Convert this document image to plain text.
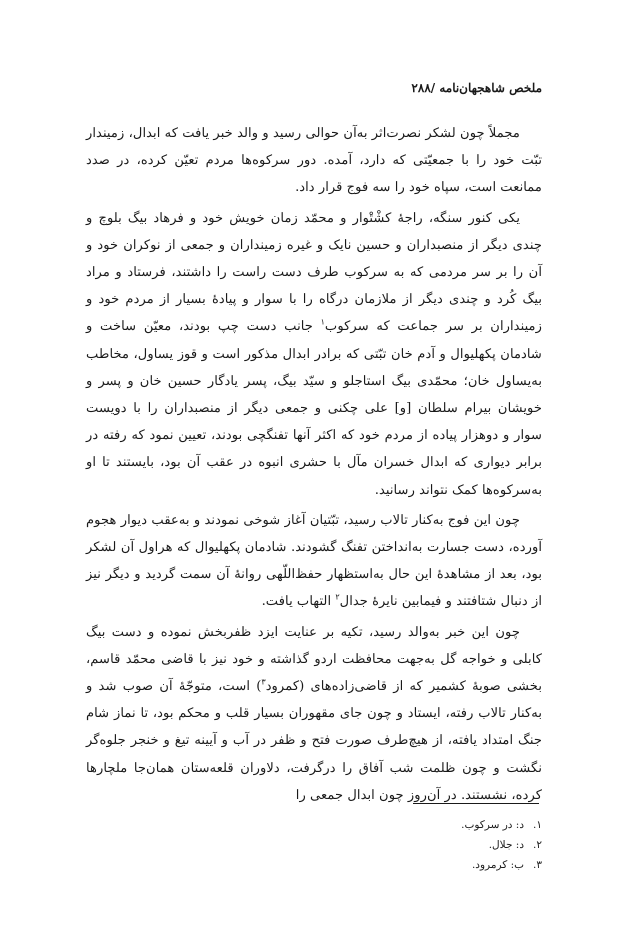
ملخص شاهجهان‌نامه /۲۸۸

مجملاً چون لشکر نصرت‌اثر به‌آن حوالی رسید و والد خبر یافت که ابدال، زمیندار تبّت خود را با جمعیّتی که دارد، آمده. دور سرکوه‌ها مردم تعیّن کرده، در صدد ممانعت است، سپاه خود را سه فوج قرار داد.

یکی کنور سنگه، راجهٔ کشْتْوار و محمّد زمان خویش خود و فرهاد بیگ بلوچ و چندی دیگر از منصبداران و حسین نایک و غیره زمینداران و جمعی از نوکران خود و آن را بر سر مردمی که به سرکوب طرف دست راست را داشتند، فرستاد و مراد بیگ کُرد و چندی دیگر از ملازمان درگاه را با سوار و پیادهٔ بسیار از مردم خود و زمینداران بر سر جماعت که سرکوب$^۱$ جانب دست چپ بودند، معیّن ساخت و شادمان پکهلیوال و آدم خان تبّتی که برادر ابدال مذکور است و قوز یساول، مخاطب به‌یساول خان؛ محمّدی بیگ استاجلو و سیّد بیگ، پسر یادگار حسین خان و پسر و خویشان بیرام سلطان [و] علی چکنی و جمعی دیگر از منصبداران را با دویست سوار و دوهزار پیاده از مردم خود که اکثر آنها تفنگچی بودند، تعیین نمود که رفته در برابر دیواری که ابدال خسران مآل با حشری انبوه در عقب آن بود، بایستند تا او به‌سرکوه‌ها کمک نتواند رسانید.

چون این فوج به‌کنار تالاب رسید، تبّتیان آغاز شوخی نمودند و به‌عقب دیوار هجوم آورده، دست جسارت به‌انداختن تفنگ گشودند. شادمان پکهلیوال که هراول آن لشکر بود، بعد از مشاهدهٔ این حال به‌استظهار حفظ‌اللّهی روانهٔ آن سمت گردید و دیگر نیز از دنبال شتافتند و فیمابین نایرهٔ جدال$^۲$ التهاب یافت.

چون این خبر به‌والد رسید، تکیه بر عنایت ایزد ظفربخش نموده و دست بیگ کابلی و خواجه گل به‌جهت محافظت اردو گذاشته و خود نیز با قاضی محمّد قاسم، بخشی صوبهٔ کشمیر که از قاضی‌زاده‌های (کمرود$^۳$) است، متوجّهٔ آن صوب شد و به‌کنار تالاب رفته، ایستاد و چون جای مقهوران بسیار قلب و محکم بود، تا نماز شام جنگ امتداد یافته، از هیچ‌طرف صورت فتح و ظفر در آب و آیینه تیغ و خنجر جلوه‌گر نگشت و چون ظلمت شب آفاق را درگرفت، دلاوران قلعه‌ستان همان‌جا ملچارها کرده، نشستند. در آن‌روز چون ابدال جمعی را

۱.د: در سرکوب.
۲.د: جلال.
۳.ب: کرمرود.
